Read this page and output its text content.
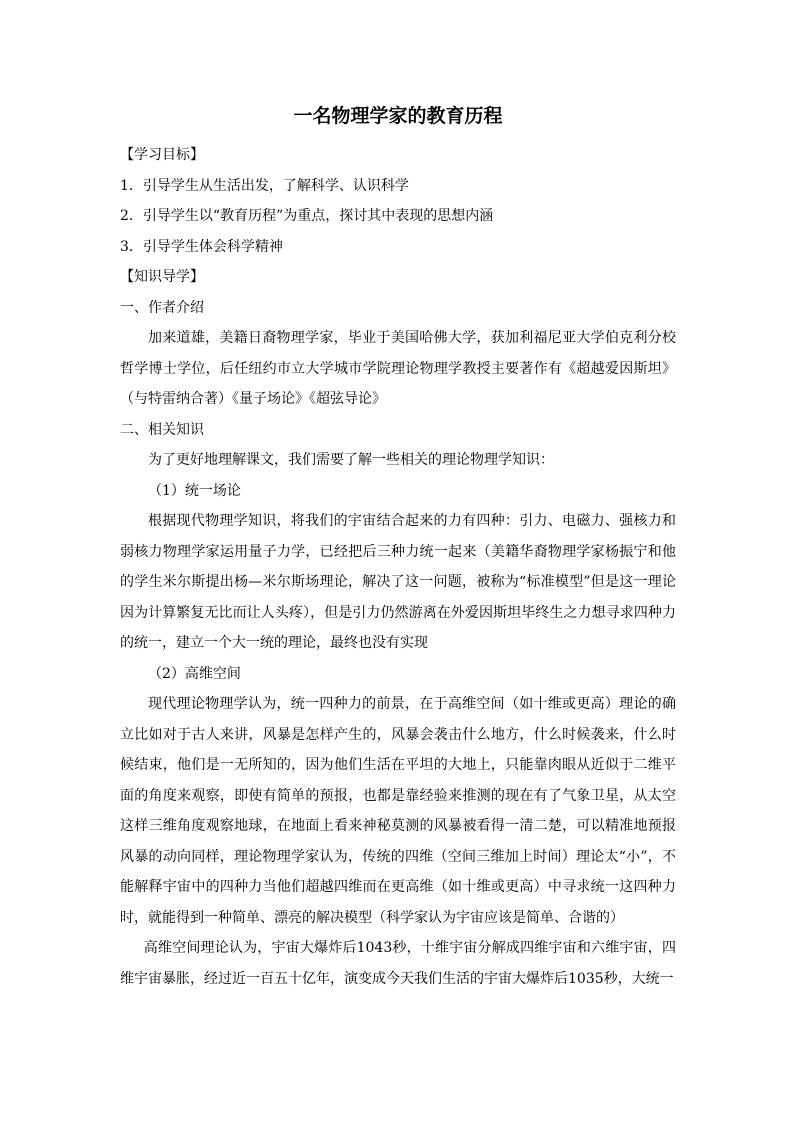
一名物理学家的教育历程

【学习目标】

1．引导学生从生活出发，了解科学、认识科学

2．引导学生以“教育历程”为重点，探讨其中表现的思想内涵

3．引导学生体会科学精神

【知识导学】

一、作者介绍

加来道雄，美籍日裔物理学家，毕业于美国哈佛大学，获加利福尼亚大学伯克利分校哲学博士学位，后任纽约市立大学城市学院理论物理学教授主要著作有《超越爱因斯坦》（与特雷纳合著）《量子场论》《超弦导论》

二、相关知识

为了更好地理解课文，我们需要了解一些相关的理论物理学知识：

（1）统一场论

根据现代物理学知识，将我们的宇宙结合起来的力有四种：引力、电磁力、强核力和弱核力物理学家运用量子力学，已经把后三种力统一起来（美籍华裔物理学家杨振宁和他的学生米尔斯提出杨—米尔斯场理论，解决了这一问题，被称为“标准模型”但是这一理论因为计算繁复无比而让人头疼），但是引力仍然游离在外爱因斯坦毕终生之力想寻求四种力的统一，建立一个大一统的理论，最终也没有实现

（2）高维空间

现代理论物理学认为，统一四种力的前景，在于高维空间（如十维或更高）理论的确立比如对于古人来讲，风暴是怎样产生的，风暴会袭击什么地方，什么时候袭来，什么时候结束，他们是一无所知的，因为他们生活在平坦的大地上，只能靠肉眼从近似于二维平面的角度来观察，即使有简单的预报，也都是靠经验来推测的现在有了气象卫星，从太空这样三维角度观察地球，在地面上看来神秘莫测的风暴被看得一清二楚，可以精准地预报风暴的动向同样，理论物理学家认为，传统的四维（空间三维加上时间）理论太“小”，不能解释宇宙中的四种力当他们超越四维而在更高维（如十维或更高）中寻求统一这四种力时，就能得到一种简单、漂亮的解决模型（科学家认为宇宙应该是简单、合谐的）

高维空间理论认为，宇宙大爆炸后1043秒，十维宇宙分解成四维宇宙和六维宇宙，四维宇宙暴胀，经过近一百五十亿年，演变成今天我们生活的宇宙大爆炸后1035秒，大统一
